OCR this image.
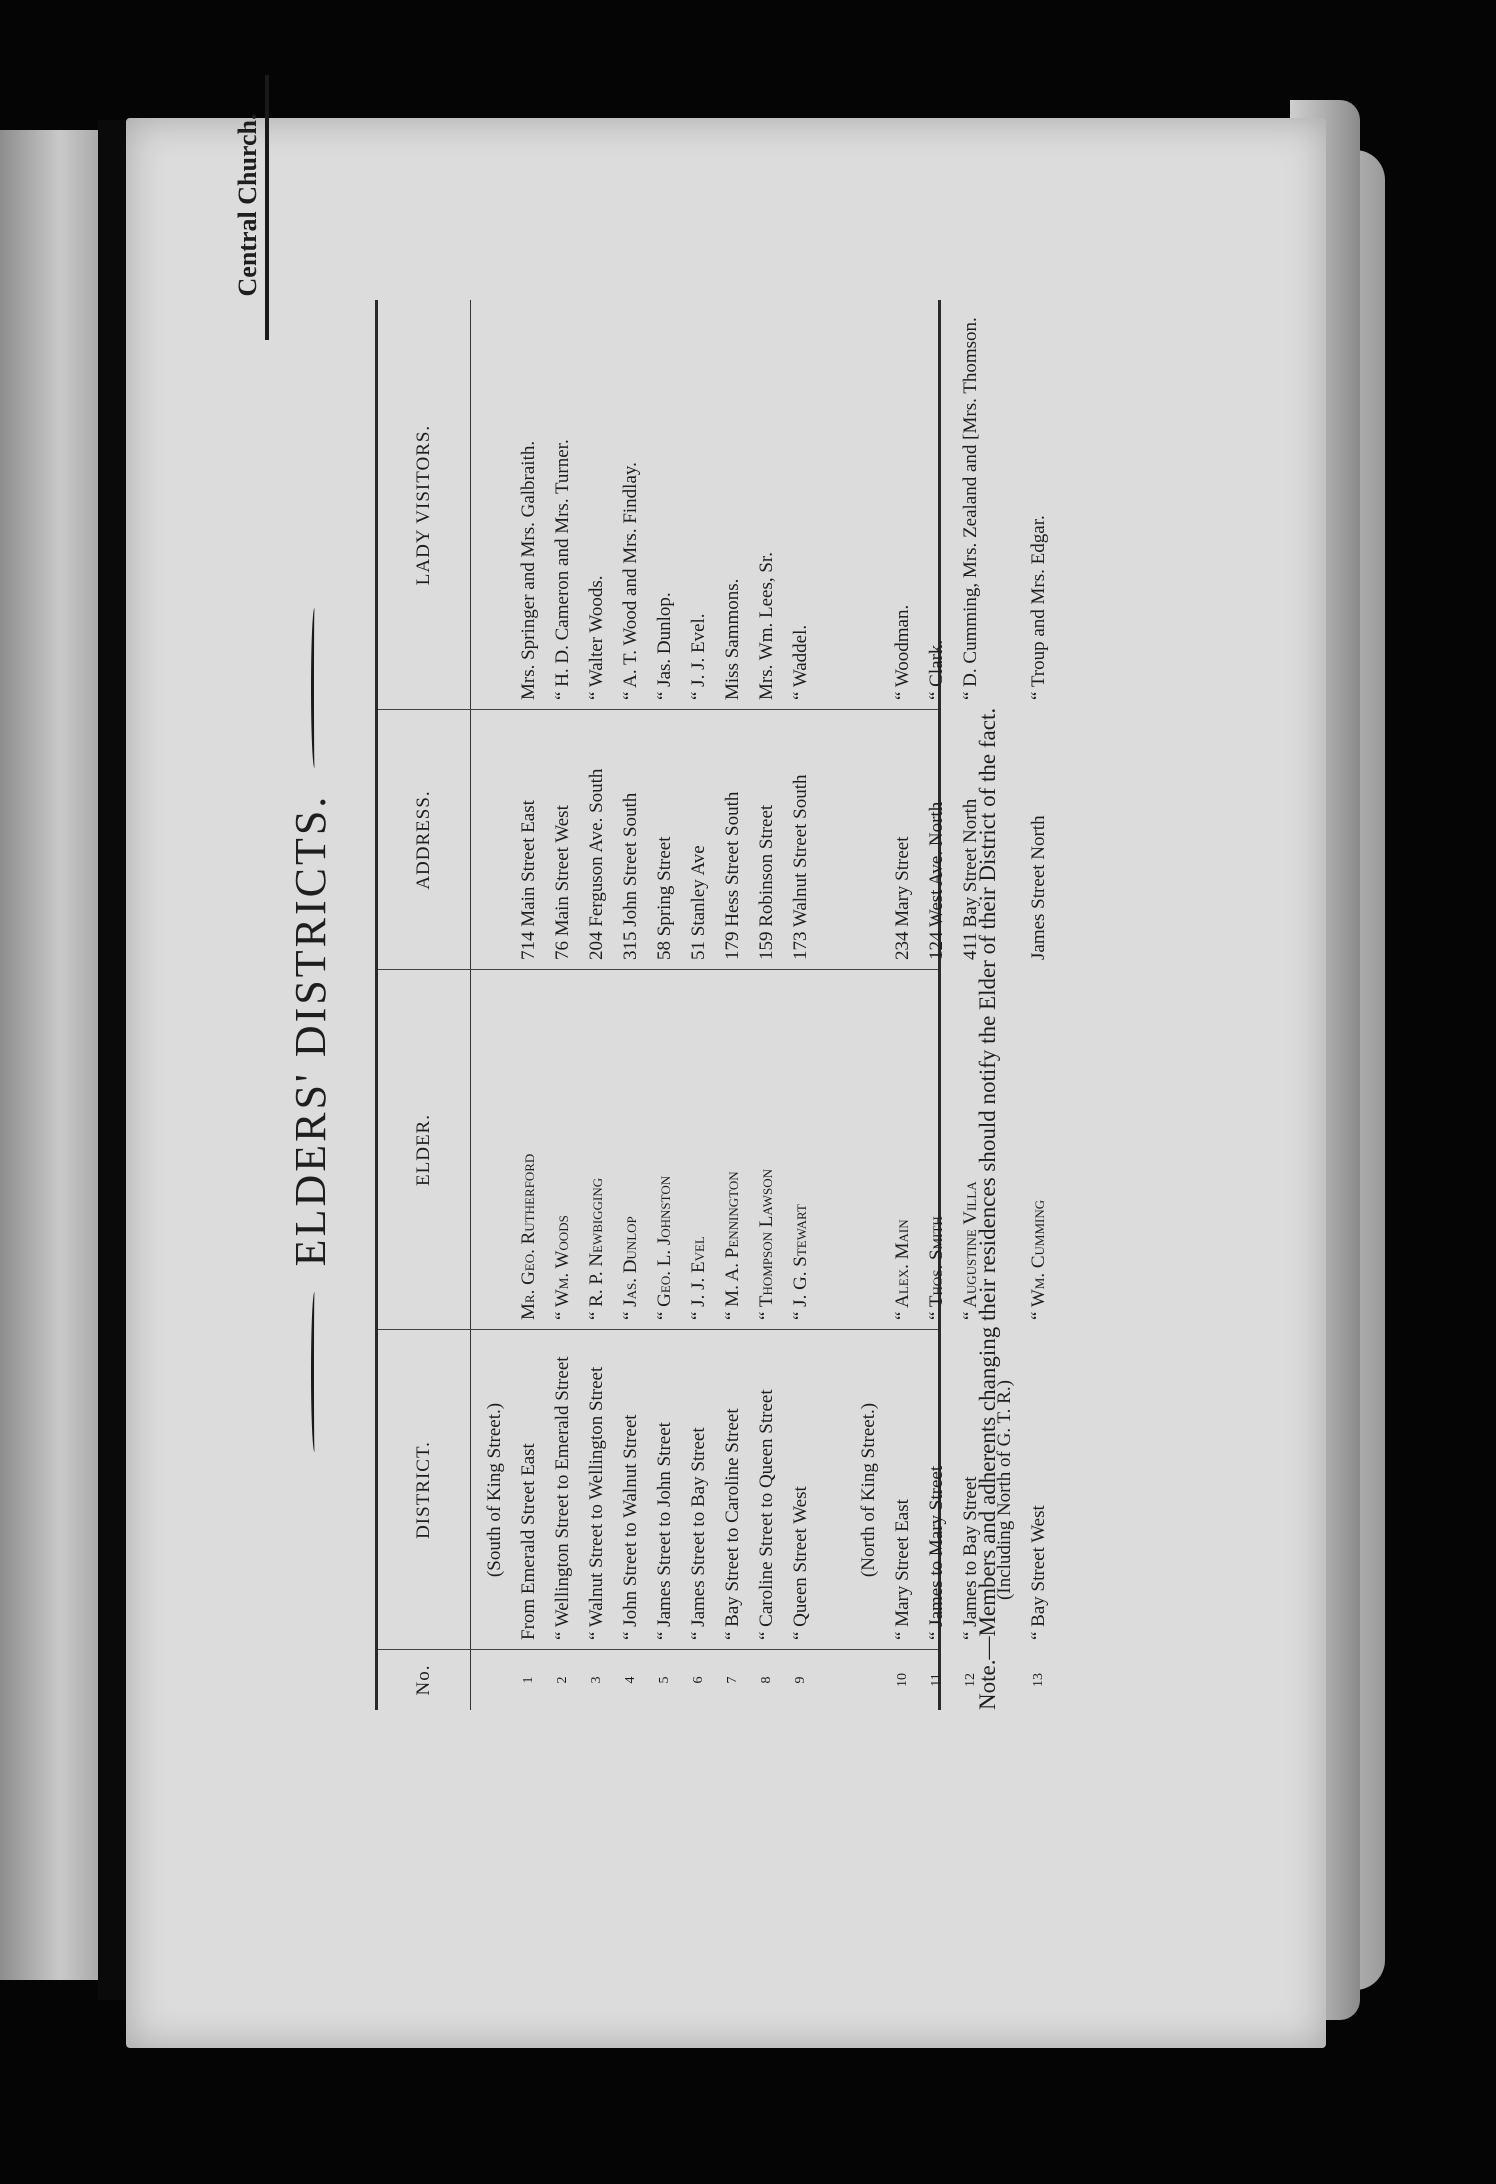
Central Church.
ELDERS' DISTRICTS.
No.
DISTRICT.
ELDER.
ADDRESS.
LADY VISITORS.
(South of King Street.)
1
From Emerald Street East
Mr. Geo. Rutherford
714 Main Street East
Mrs. Springer and Mrs. Galbraith.
2
“ Wellington Street to Emerald Street
“ Wm. Woods
76 Main Street West
“ H. D. Cameron and Mrs. Turner.
3
“ Walnut Street to Wellington Street
“ R. P. Newbigging
204 Ferguson Ave. South
“ Walter Woods.
4
“ John Street to Walnut Street
“ Jas. Dunlop
315 John Street South
“ A. T. Wood and Mrs. Findlay.
5
“ James Street to John Street
“ Geo. L. Johnston
58 Spring Street
“ Jas. Dunlop.
6
“ James Street to Bay Street
“ J. J. Evel
51 Stanley Ave
“ J. J. Evel.
7
“ Bay Street to Caroline Street
“ M. A. Pennington
179 Hess Street South
Miss Sammons.
8
“ Caroline Street to Queen Street
“ Thompson Lawson
159 Robinson Street
Mrs. Wm. Lees, Sr.
9
“ Queen Street West
“ J. G. Stewart
173 Walnut Street South
“ Waddel.
(North of King Street.)
10
“ Mary Street East
“ Alex. Main
234 Mary Street
“ Woodman.
11
“ James to Mary Street
“ Thos. Smith
124 West Ave. North
“ Clark.
12
“ James to Bay Street
“ Augustine Villa
411 Bay Street North
“ D. Cumming, Mrs. Zealand and [Mrs. Thomson.
(Including North of G. T. R.)
13
“ Bay Street West
“ Wm. Cumming
James Street North
“ Troup and Mrs. Edgar.
Note.—Members and adherents changing their residences should notify the Elder of their District of the fact.
